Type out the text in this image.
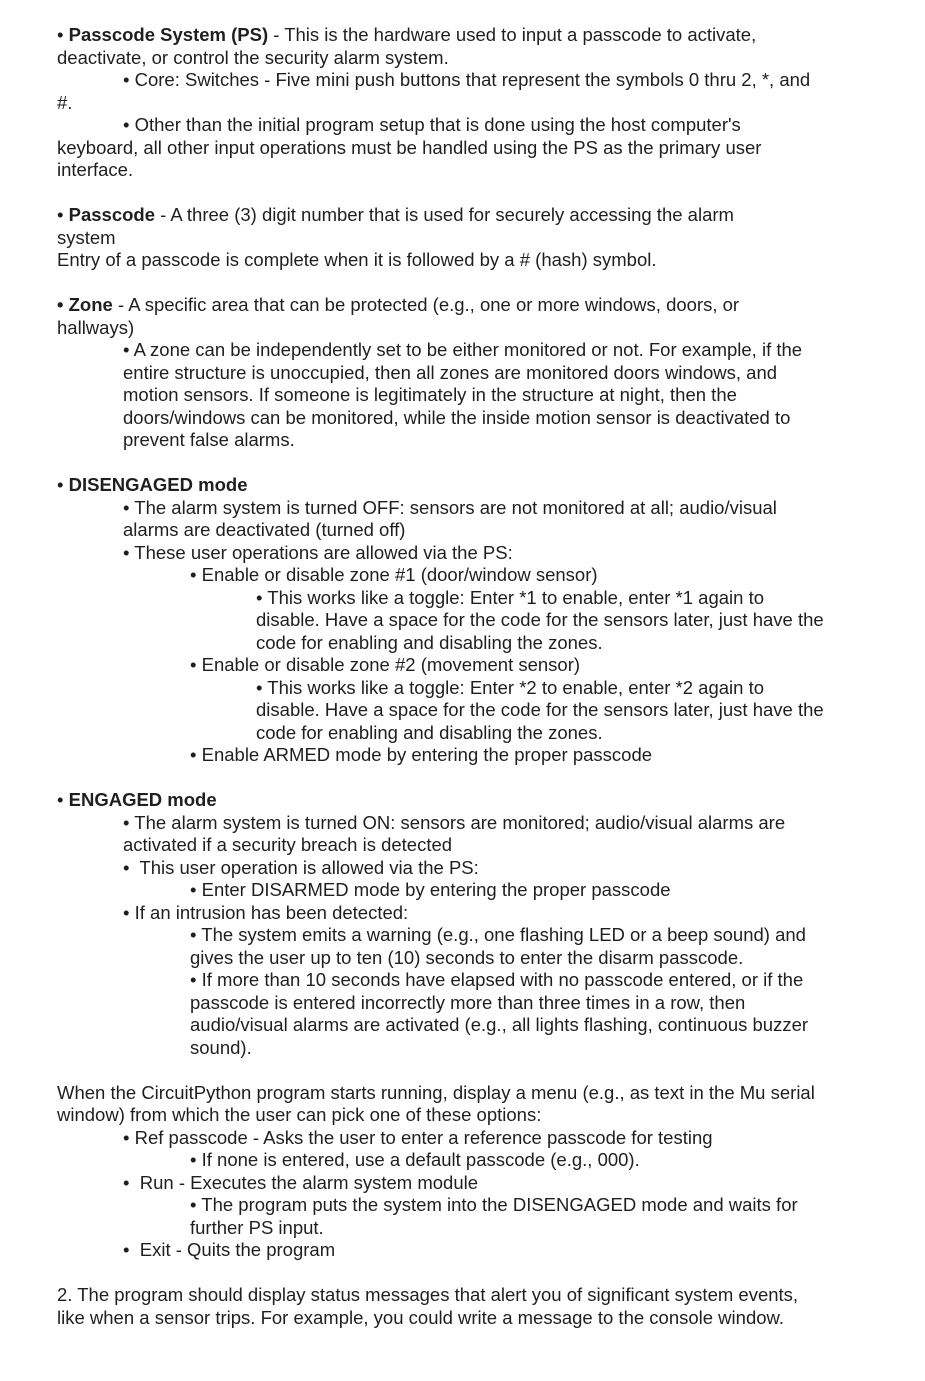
• Passcode System (PS) - This is the hardware used to input a passcode to activate, deactivate, or control the security alarm system.
• Core: Switches - Five mini push buttons that represent the symbols 0 thru 2, *, and #.
• Other than the initial program setup that is done using the host computer's keyboard, all other input operations must be handled using the PS as the primary user interface.
• Passcode - A three (3) digit number that is used for securely accessing the alarm system
Entry of a passcode is complete when it is followed by a # (hash) symbol.
• Zone - A specific area that can be protected (e.g., one or more windows, doors, or hallways)
• A zone can be independently set to be either monitored or not. For example, if the entire structure is unoccupied, then all zones are monitored doors windows, and motion sensors. If someone is legitimately in the structure at night, then the doors/windows can be monitored, while the inside motion sensor is deactivated to prevent false alarms.
• DISENGAGED mode
• The alarm system is turned OFF: sensors are not monitored at all; audio/visual alarms are deactivated (turned off)
• These user operations are allowed via the PS:
• Enable or disable zone #1 (door/window sensor)
• This works like a toggle: Enter *1 to enable, enter *1 again to disable. Have a space for the code for the sensors later, just have the code for enabling and disabling the zones.
• Enable or disable zone #2 (movement sensor)
• This works like a toggle: Enter *2 to enable, enter *2 again to disable. Have a space for the code for the sensors later, just have the code for enabling and disabling the zones.
• Enable ARMED mode by entering the proper passcode
• ENGAGED mode
• The alarm system is turned ON: sensors are monitored; audio/visual alarms are activated if a security breach is detected
•  This user operation is allowed via the PS:
• Enter DISARMED mode by entering the proper passcode
• If an intrusion has been detected:
• The system emits a warning (e.g., one flashing LED or a beep sound) and gives the user up to ten (10) seconds to enter the disarm passcode.
• If more than 10 seconds have elapsed with no passcode entered, or if the passcode is entered incorrectly more than three times in a row, then audio/visual alarms are activated (e.g., all lights flashing, continuous buzzer sound).
When the CircuitPython program starts running, display a menu (e.g., as text in the Mu serial window) from which the user can pick one of these options:
• Ref passcode - Asks the user to enter a reference passcode for testing
• If none is entered, use a default passcode (e.g., 000).
•  Run - Executes the alarm system module
• The program puts the system into the DISENGAGED mode and waits for further PS input.
•  Exit - Quits the program
2. The program should display status messages that alert you of significant system events, like when a sensor trips. For example, you could write a message to the console window.
